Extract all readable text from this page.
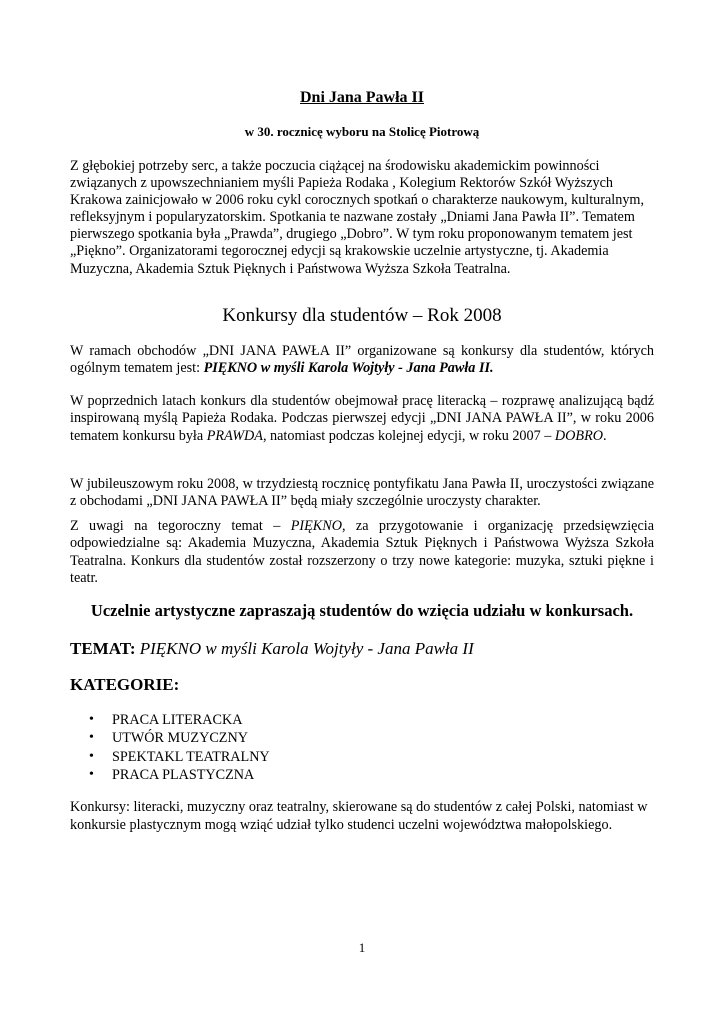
Dni Jana Pawła II

w 30. rocznicę wyboru na Stolicę Piotrową

Z głębokiej potrzeby serc, a także poczucia ciążącej na środowisku akademickim powinności związanych z upowszechnianiem myśli Papieża Rodaka , Kolegium Rektorów Szkół Wyższych Krakowa zainicjowało w 2006 roku cykl corocznych spotkań o charakterze naukowym, kulturalnym, refleksyjnym i popularyzatorskim. Spotkania te nazwane zostały „Dniami Jana Pawła II”. Tematem pierwszego spotkania była „Prawda”, drugiego „Dobro”. W tym roku proponowanym tematem jest „Piękno”. Organizatorami tegorocznej edycji są krakowskie uczelnie artystyczne, tj. Akademia Muzyczna, Akademia Sztuk Pięknych i Państwowa Wyższa Szkoła Teatralna.

Konkursy dla studentów – Rok 2008

W ramach obchodów „DNI JANA PAWŁA II” organizowane są konkursy dla studentów, których ogólnym tematem jest: PIĘKNO w myśli Karola Wojtyły - Jana Pawła II.

W poprzednich latach konkurs dla studentów obejmował pracę literacką – rozprawę analizującą bądź inspirowaną myślą Papieża Rodaka. Podczas pierwszej edycji „DNI JANA PAWŁA II”, w roku 2006 tematem konkursu była PRAWDA, natomiast podczas kolejnej edycji, w roku 2007 – DOBRO.

W jubileuszowym roku 2008, w trzydziestą rocznicę pontyfikatu Jana Pawła II, uroczystości związane z obchodami „DNI JANA PAWŁA II” będą miały szczególnie uroczysty charakter.

Z uwagi na tegoroczny temat – PIĘKNO, za przygotowanie i organizację przedsięwzięcia odpowiedzialne są: Akademia Muzyczna, Akademia Sztuk Pięknych i Państwowa Wyższa Szkoła Teatralna. Konkurs dla studentów został rozszerzony o trzy nowe kategorie: muzyka, sztuki piękne i teatr.

Uczelnie artystyczne zapraszają studentów do wzięcia udziału w konkursach.

TEMAT: PIĘKNO w myśli Karola Wojtyły - Jana Pawła II

KATEGORIE:

• PRACA LITERACKA
• UTWÓR MUZYCZNY
• SPEKTAKL TEATRALNY
• PRACA PLASTYCZNA

Konkursy: literacki, muzyczny oraz teatralny, skierowane są do studentów z całej Polski, natomiast w konkursie plastycznym mogą wziąć udział tylko studenci uczelni województwa małopolskiego.

1
